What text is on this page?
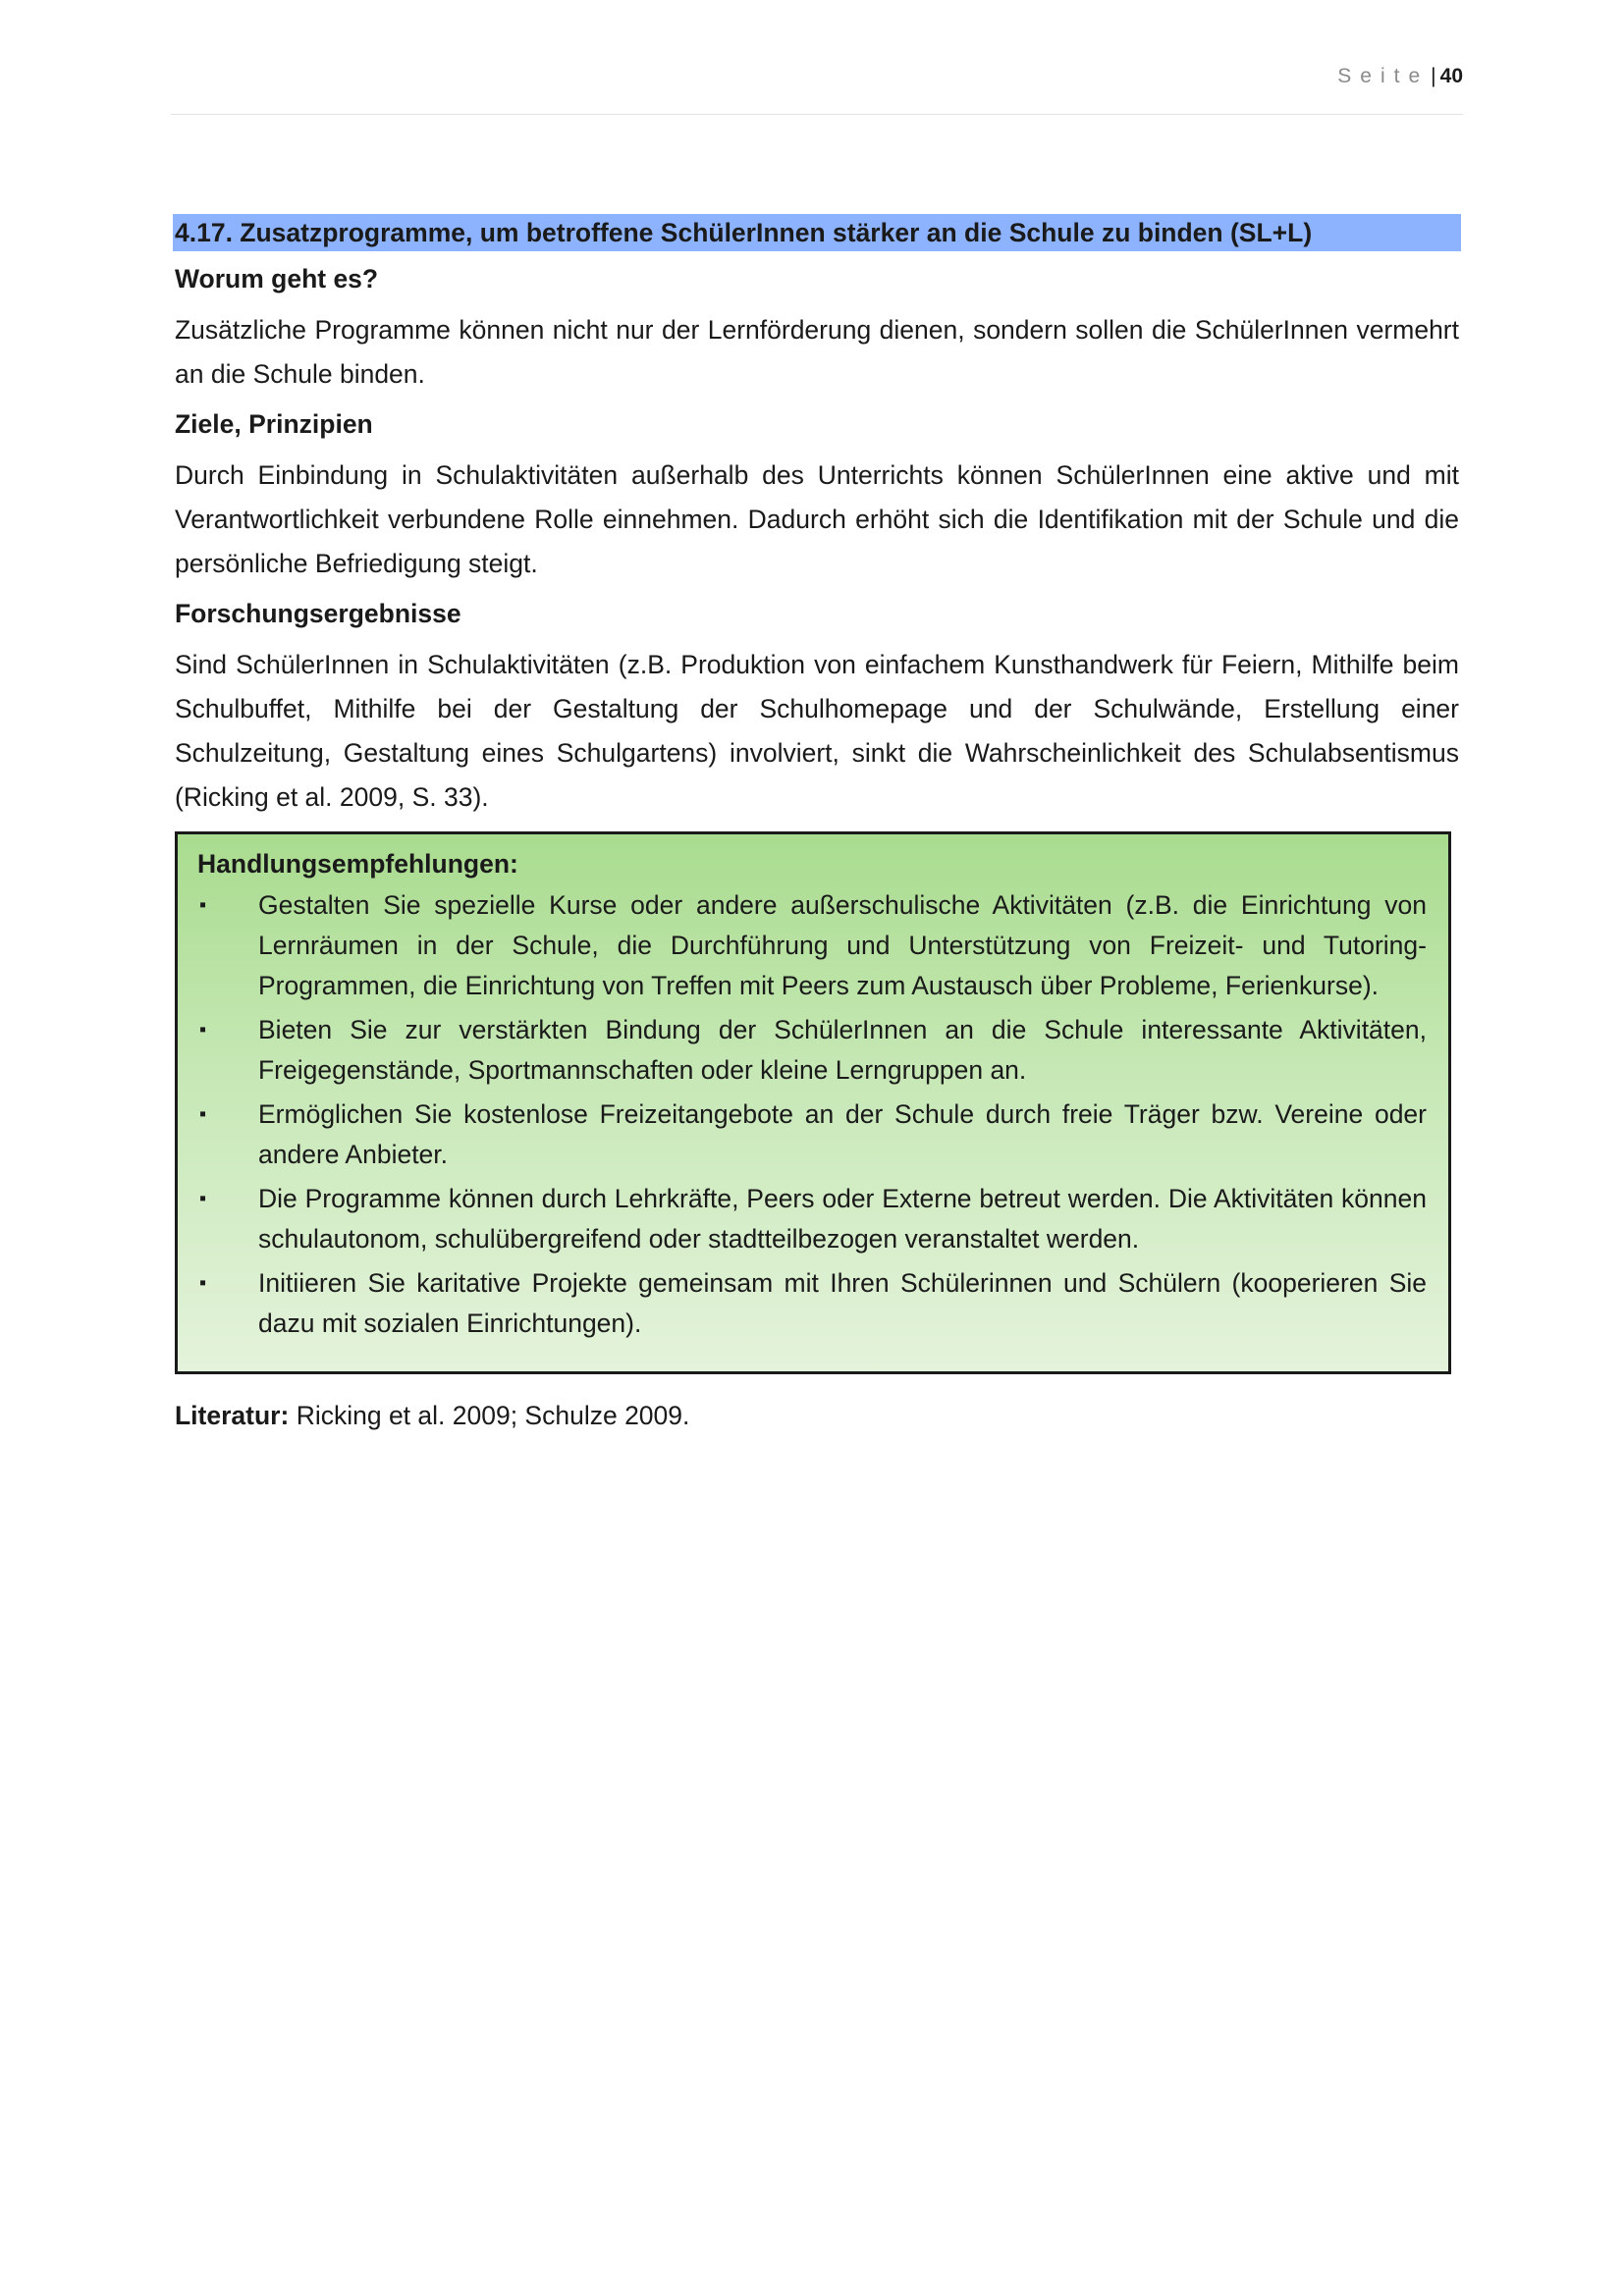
Seite| 40
4.17. Zusatzprogramme, um betroffene SchülerInnen stärker an die Schule zu binden (SL+L)
Worum geht es?

Zusätzliche Programme können nicht nur der Lernförderung dienen, sondern sollen die SchülerInnen vermehrt an die Schule binden.

Ziele, Prinzipien

Durch Einbindung in Schulaktivitäten außerhalb des Unterrichts können SchülerInnen eine aktive und mit Verantwortlichkeit verbundene Rolle einnehmen. Dadurch erhöht sich die Identifikation mit der Schule und die persönliche Befriedigung steigt.

Forschungsergebnisse

Sind SchülerInnen in Schulaktivitäten (z.B. Produktion von einfachem Kunsthandwerk für Feiern, Mithilfe beim Schulbuffet, Mithilfe bei der Gestaltung der Schulhomepage und der Schulwände, Erstellung einer Schulzeitung, Gestaltung eines Schulgartens) involviert, sinkt die Wahrscheinlichkeit des Schulabsentismus (Ricking et al. 2009, S. 33).

Handlungsempfehlungen:
▪	Gestalten Sie spezielle Kurse oder andere außerschulische Aktivitäten (z.B. die Einrichtung von Lernräumen in der Schule, die Durchführung und Unterstützung von Freizeit- und Tutoring-Programmen, die Einrichtung von Treffen mit Peers zum Austausch über Probleme, Ferienkurse).
▪	Bieten Sie zur verstärkten Bindung der SchülerInnen an die Schule interessante Aktivitäten, Freigegenstände, Sportmannschaften oder kleine Lerngruppen an.
▪	Ermöglichen Sie kostenlose Freizeitangebote an der Schule durch freie Träger bzw. Vereine oder andere Anbieter.
▪	Die Programme können durch Lehrkräfte, Peers oder Externe betreut werden. Die Aktivitäten können schulautonom, schulübergreifend oder stadtteilbezogen veranstaltet werden.
▪	Initiieren Sie karitative Projekte gemeinsam mit Ihren Schülerinnen und Schülern (kooperieren Sie dazu mit sozialen Einrichtungen).
Literatur: Ricking et al. 2009; Schulze 2009.
